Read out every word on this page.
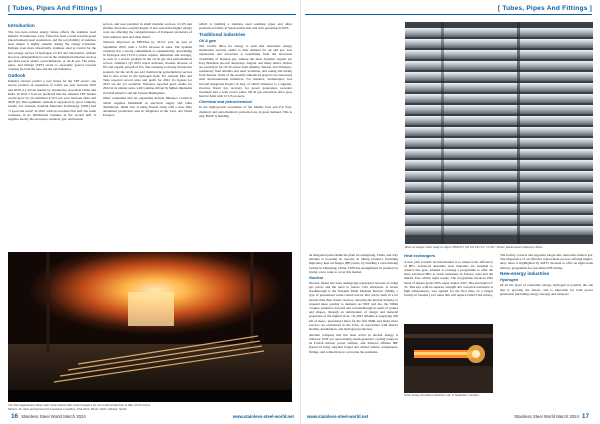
[ Tubes, Pipes And Fittings ]
Introduction

The low-/zero-carbon energy future affects the stainless steel industry in numerous ways. There has been a trend towards green (decarbonised) steel production, and the recyclability of stainless steel makes it highly suitable during the energy transition. Perhaps even more importantly, stainless steel is crucial for the new-energy sectors of hydrogen, CCUS and renewables, without however extinguishing its role in the traditional industries such as gas-fired power plants, petrochemicals, or oil & gas. The tubes, pipes, and fittings (TPF) sector is especially geared towards catering for both the new and the old industries.

Outlook

Industry surveys predict a rosy future for the TPF sector: one survey predicts an expansion of 5.46% per year between 2023 and 2030 [1]; driven mainly by automotive growth in China and India. In 2022 a forecast predicted that the stainless TPF market would grow by an estimated 4.55% per year between 2022 and 2028 [2]. This optimistic outlook is supported by good company results. Tor Jonsson, Sandvik Materials Technology (SMT) had "a good end result" in 2022, with an excellent first half, but some weakness in its distribution business in the second half. It supplies mostly the aerospace, medical, gas, and nuclear

sectors, and sees potential in small modular reactors. CCUS and (further down the road) hydrogen. It also noted that higher energy costs are affecting the competitiveness of European producers of both stainless steel and other metal.

Tubacex improved its EBITDA by 33.5% year on year in September 2023, with a 31.8% increase in sales. The Spanish company has a strong commitment to sustainability, specialising in hydrogen and CCUS (carbon capture, utilisation and storage), as well as a secure position in the oil & gas and petrochemical sectors. Alleima's Q3 2023 report indicates revenue increase of 8% and organic growth of 6%. The company is mostly invested in products for the oil & gas and chemical & petrochemical sectors and is also active in the hydrogen field. Tor Jonsson Pipe and Tube reported record sales and profit for 2022. Its figures for 2023 are not yet available. Vallourec reported good results for 2022 in its tubular sales, with volumes driven by higher shipments in North America and the Eastern Hemisphere.

Other companies that are expanding include Ilimano's Contracts which supplies Mitsubishi in electrical supply and other distributors, Jindal Saw is being floated along with a new, fully automated production area in Sifagiezel in the west, and North Europe's.

which is building a stainless steel seamless pipes and tubes production facility in Saudi Arabia that will start operating in 2025.

Traditional industries
Oil & gas

The world's thirst for energy is such that renewable energy installation scarcely seems to dent demand for oil and gas. Gas exploration and extraction is benefitting from the decreased availability of Russian gas. Among the most dynamic regions are Iraq, Brazilian pre-salt deepwater, Angola, and many others. Orders are pouring in for OCTG tubes from Alleima, Tenaris, and Vallourec, seamlessly from Alleima and Aker Solutions, and casing and tubing from Tenaris. Some of the recently announced projects are associated with decarbonisation initiatives. For instance, 'SeaEnergies' Gas Growth Integrated Project in Iraq, of which Vallourec is a supplier, involves flared gas recovery for power generation, seawater treatment and a solar power plant. Oil & gas extraction often goes hand in hand with CCUS projects.

Chemical and petrochemical

In the high-growth economies of the Middle East and Far East, chemical and petrochemical production are in great demand. This is why BASF is building

The Shell Appomattox deep-water semi-submersible vessel prepares for successful production in May 2019 Gulf of Mexico. Its value anchored at the Louisiana Coastline, USA 2019. Photo: Shell/ Alleima: Smith.
16 Stainless Steel World March 2024	www.stainless-steel-world.net
[ Tubes, Pipes And Fittings ]
Heat exchanger tubes ready to ship to DMV315 (18 mm OD 3/4" x 6.96". Photo: Mannesmann Stainless Tubes.

an integrated petrochemicals plant in Guangdong, China, and why Alleima is boosting its capacity in tubing products, including high-alloy heat exchanger (HE) tubes, by building a cold-drawing facility in Zhenjiang, China. TMS has strengthened its position by laying a new route to cover this market.

Nuclear

Nuclear fusion has been undergoing reappraisal because of rising gas prices and the need to reduce CO2 emissions. A recent breakthrough is the Natrium Small Modular Reactor (SMR), a type of pressurised water-cooled reactor that can be built in a far shorter time than classic reactors, allowing the nuclear industry to respond more quickly to demand. As NRT told me, the SMRs "require extensive forward and a breakthrough in terms of grades and shapes, through an anticipation of design and material properties of the highest level." In 2023 Alleima is supplying 200 km of mass-/ pressurised tubes for the first SMR, and many more reactors are envisioned in the USA, in association with district heating, desalination, and hydrogen production.

Another company that has been active in nuclear energy is Tubacex. EDF are reprocessing steam-generator cooling issues in its French nuclear power stations, and Tubacex affiliate IBF (based in Italy) supplied forged and drilled tubular components, fittings, and connections to overcome the problems.

Heat exchangers

A new path towards decarbonisation is to improve the efficiency of HEs. Advanced austenitic steel materials are essential to achieve this goal. Alleima is working a programme to offer the most advanced HEs to reach customers in Europe, Asia and the middle East within eight weeks. The programme involves HEs made of duplex grade 2205, super duplex 2507, 904 and Sanicro® 35. This last, with its superior strength and corrosion resistance at high temperatures, was applied for the first time on a biogas facility in Sweden (14.5 tubes that will replace failed 316L tubes).

The facility corrects and upgrades biogas into renewable natural gas. The importance of an effective replacement process offering higher-alloy tubes is highlighted by SMT's decision to offer an eight-week delivery programme for specialised HE tubing.

New-energy industries
Hydrogen

Of all the types of renewable energy, hydrogen is possibly the one that is growing the fastest, and is important for both power generation (including energy storage) and transport.

Tubes being extruded at Alleima's site in Sandviken, Sweden.
www.stainless-steel-world.net	Stainless Steel World March 2024 17
